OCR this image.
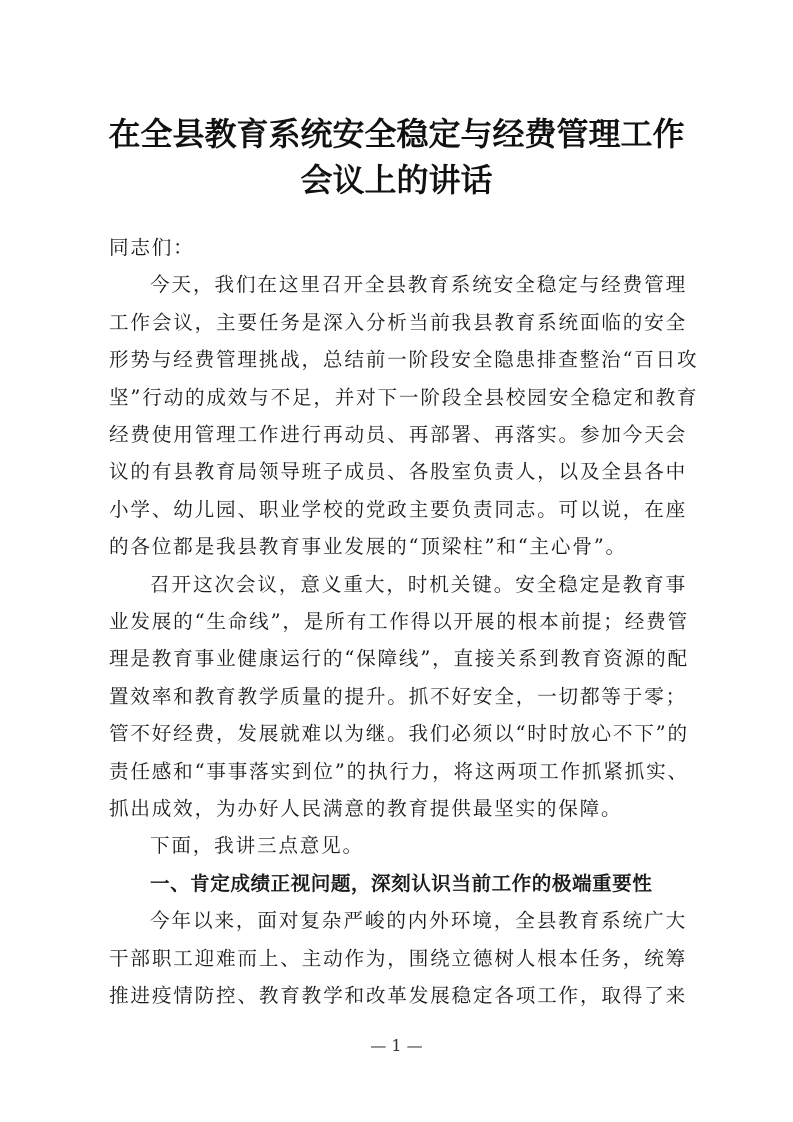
在全县教育系统安全稳定与经费管理工作
会议上的讲话
同志们：
今天，我们在这里召开全县教育系统安全稳定与经费管理
工作会议，主要任务是深入分析当前我县教育系统面临的安全
形势与经费管理挑战，总结前一阶段安全隐患排查整治“百日攻
坚”行动的成效与不足，并对下一阶段全县校园安全稳定和教育
经费使用管理工作进行再动员、再部署、再落实。参加今天会
议的有县教育局领导班子成员、各股室负责人，以及全县各中
小学、幼儿园、职业学校的党政主要负责同志。可以说，在座
的各位都是我县教育事业发展的“顶梁柱”和“主心骨”。
召开这次会议，意义重大，时机关键。安全稳定是教育事
业发展的“生命线”，是所有工作得以开展的根本前提；经费管
理是教育事业健康运行的“保障线”，直接关系到教育资源的配
置效率和教育教学质量的提升。抓不好安全，一切都等于零；
管不好经费，发展就难以为继。我们必须以“时时放心不下”的
责任感和“事事落实到位”的执行力，将这两项工作抓紧抓实、
抓出成效，为办好人民满意的教育提供最坚实的保障。
下面，我讲三点意见。
一、肯定成绩正视问题，深刻认识当前工作的极端重要性
今年以来，面对复杂严峻的内外环境，全县教育系统广大
干部职工迎难而上、主动作为，围绕立德树人根本任务，统筹
推进疫情防控、教育教学和改革发展稳定各项工作，取得了来
— 1 —
